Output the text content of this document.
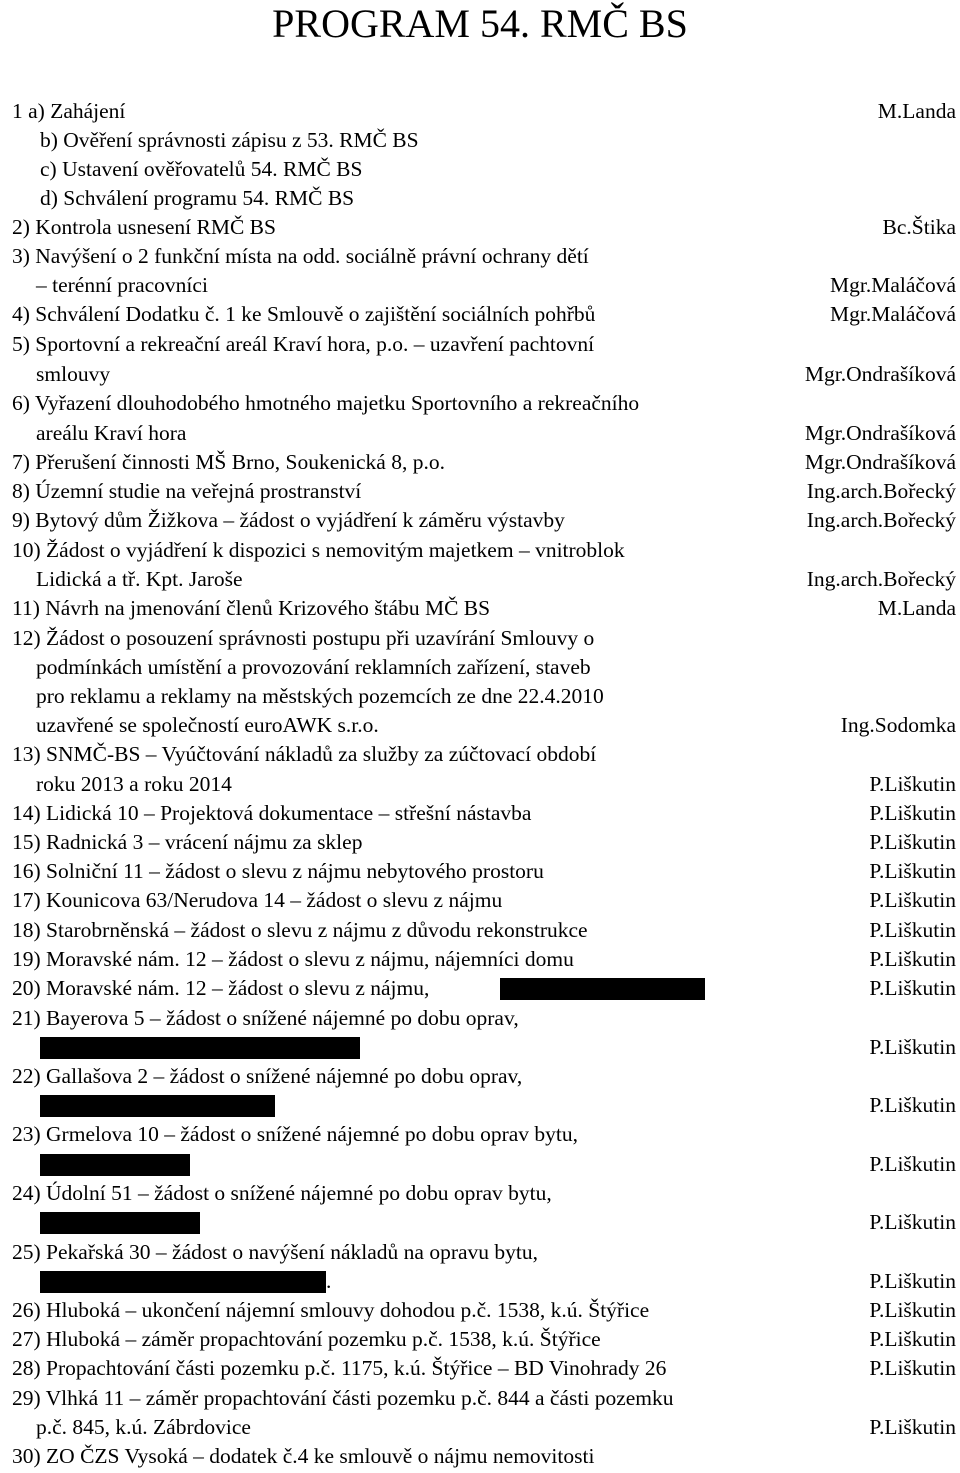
PROGRAM 54. RMČ BS
1 a) Zahájení	M.Landa
b) Ověření správnosti zápisu z 53. RMČ BS
c) Ustavení ověřovatelů 54. RMČ BS
d) Schválení programu 54. RMČ BS
2) Kontrola usnesení RMČ BS	Bc.Štika
3) Navýšení o 2 funkční místa na odd. sociálně právní ochrany dětí
– terénní pracovníci	Mgr.Maláčová
4) Schválení Dodatku č. 1 ke Smlouvě o zajištění sociálních pohřbů	Mgr.Maláčová
5) Sportovní a rekreační areál Kraví hora, p.o. – uzavření pachtovní
smlouvy	Mgr.Ondrašíková
6) Vyřazení dlouhodobého hmotného majetku Sportovního a rekreačního
areálu Kraví hora	Mgr.Ondrašíková
7) Přerušení činnosti MŠ Brno, Soukenická 8, p.o.	Mgr.Ondrašíková
8) Územní studie na veřejná prostranství	Ing.arch.Bořecký
9) Bytový dům Žižkova – žádost o vyjádření k záměru výstavby	Ing.arch.Bořecký
10) Žádost o vyjádření k dispozici s nemovitým majetkem – vnitroblok
Lidická a tř. Kpt. Jaroše	Ing.arch.Bořecký
11) Návrh na jmenování členů Krizového štábu MČ BS	M.Landa
12) Žádost o posouzení správnosti postupu při uzavírání Smlouvy o
podmínkách umístění a provozování reklamních zařízení, staveb
pro reklamu a reklamy na městských pozemcích ze dne 22.4.2010
uzavřené se společností euroAWK s.r.o.	Ing.Sodomka
13) SNMČ-BS – Vyúčtování nákladů za služby za zúčtovací období
roku 2013 a roku 2014	P.Liškutin
14) Lidická 10 – Projektová dokumentace – střešní nástavba	P.Liškutin
15) Radnická 3 – vrácení nájmu za sklep	P.Liškutin
16) Solniční 11 – žádost o slevu z nájmu nebytového prostoru	P.Liškutin
17) Kounicova 63/Nerudova 14 – žádost o slevu z nájmu	P.Liškutin
18) Starobrněnská – žádost o slevu z nájmu z důvodu rekonstrukce	P.Liškutin
19) Moravské nám. 12 – žádost o slevu z nájmu, nájemníci domu	P.Liškutin
20) Moravské nám. 12 – žádost o slevu z nájmu,	P.Liškutin
21) Bayerova 5 – žádost o snížené nájemné po dobu oprav,
P.Liškutin
22) Gallašova 2 – žádost o snížené nájemné po dobu oprav,
P.Liškutin
23) Grmelova 10 – žádost o snížené nájemné po dobu oprav bytu,
P.Liškutin
24) Údolní 51 – žádost o snížené nájemné po dobu oprav bytu,
P.Liškutin
25) Pekařská 30 – žádost o navýšení nákladů na opravu bytu,
.	P.Liškutin
26) Hluboká – ukončení nájemní smlouvy dohodou p.č. 1538, k.ú. Štýřice	P.Liškutin
27) Hluboká – záměr propachtování pozemku p.č. 1538, k.ú. Štýřice	P.Liškutin
28) Propachtování části pozemku p.č. 1175, k.ú. Štýřice – BD Vinohrady 26	P.Liškutin
29) Vlhká 11 – záměr propachtování části pozemku p.č. 844 a části pozemku
p.č. 845, k.ú. Zábrdovice	P.Liškutin
30) ZO ČZS Vysoká – dodatek č.4 ke smlouvě o nájmu nemovitosti
